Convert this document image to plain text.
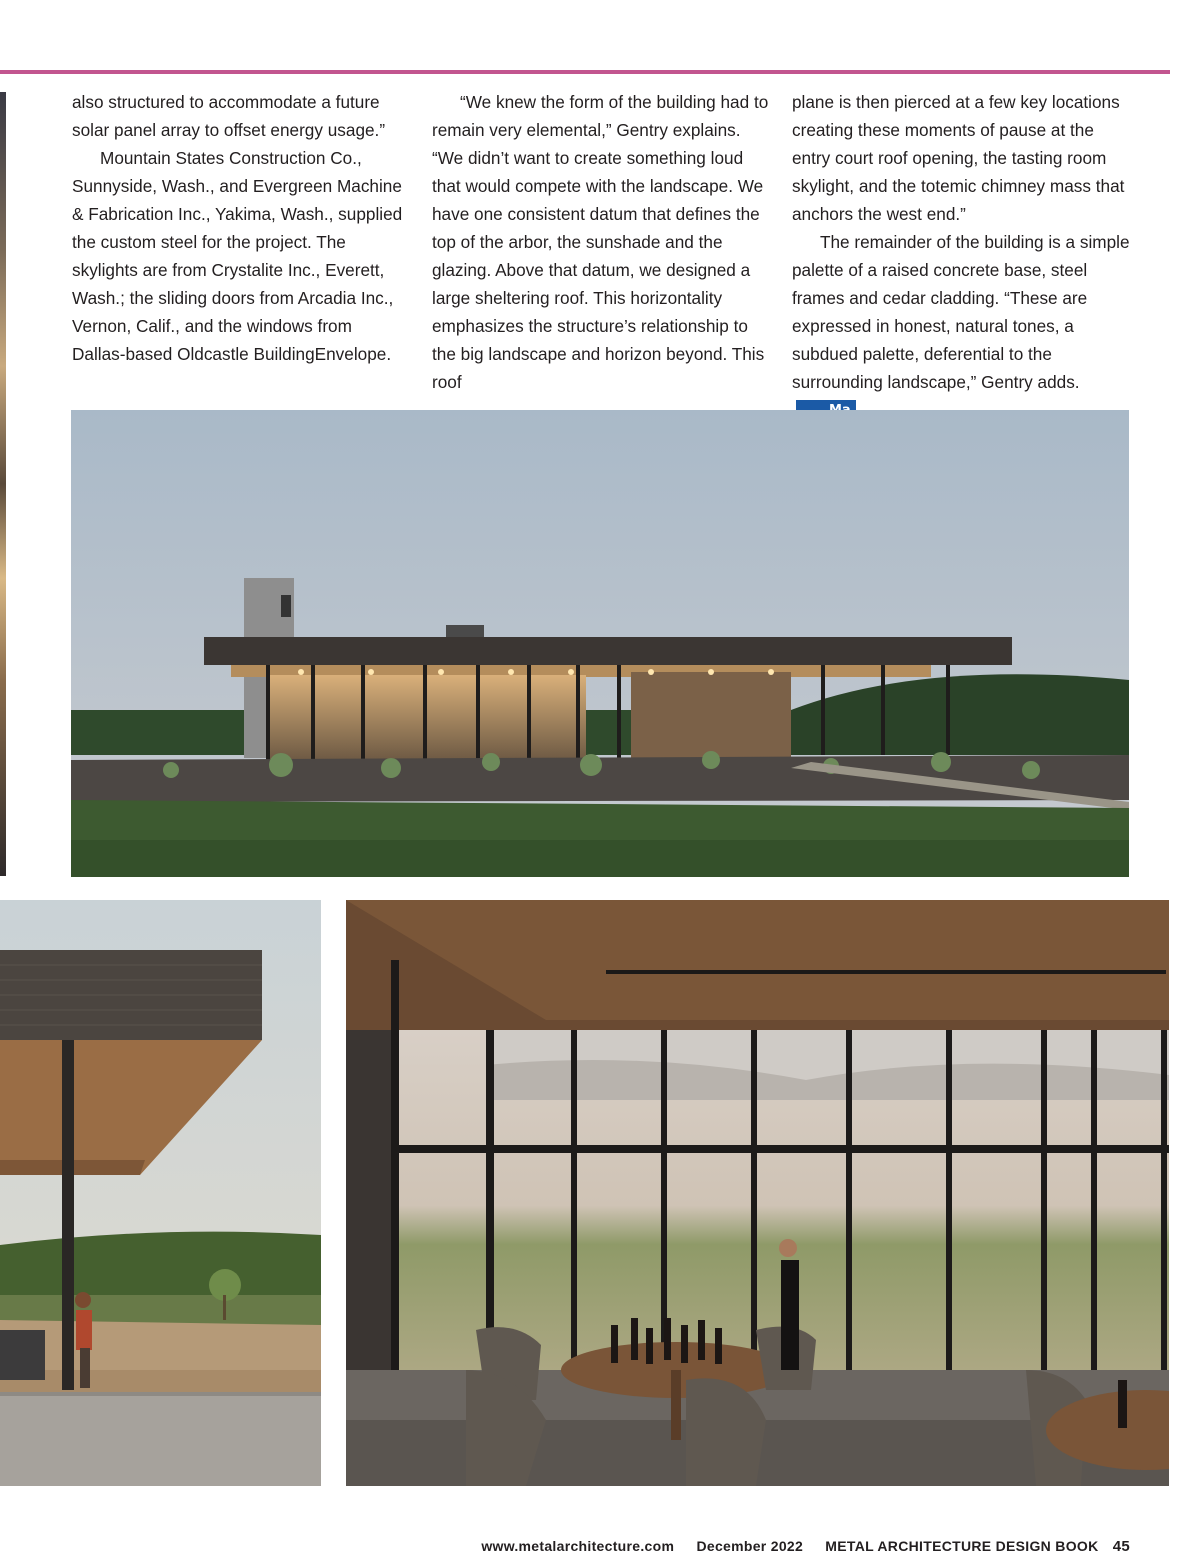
also structured to accommodate a future solar panel array to offset energy usage.”

Mountain States Construction Co., Sunnyside, Wash., and Evergreen Machine & Fabrication Inc., Yakima, Wash., supplied the custom steel for the project. The skylights are from Crystalite Inc., Everett, Wash.; the sliding doors from Arcadia Inc., Vernon, Calif., and the windows from Dallas-based Oldcastle BuildingEnvelope.

“We knew the form of the building had to remain very elemental,” Gentry explains. “We didn’t want to create something loud that would compete with the landscape. We have one consistent datum that defines the top of the arbor, the sunshade and the glazing. Above that datum, we designed a large sheltering roof. This horizontality emphasizes the structure’s relationship to the big landscape and horizon beyond. This roof

plane is then pierced at a few key locations creating these moments of pause at the entry court roof opening, the tasting room skylight, and the totemic chimney mass that anchors the west end.”

The remainder of the building is a simple palette of a raised concrete base, steel frames and cedar cladding. “These are expressed in honest, natural tones, a subdued palette, deferential to the surrounding landscape,” Gentry adds.

www.metalarchitecture.com December 2022 METAL ARCHITECTURE DESIGN BOOK 45
